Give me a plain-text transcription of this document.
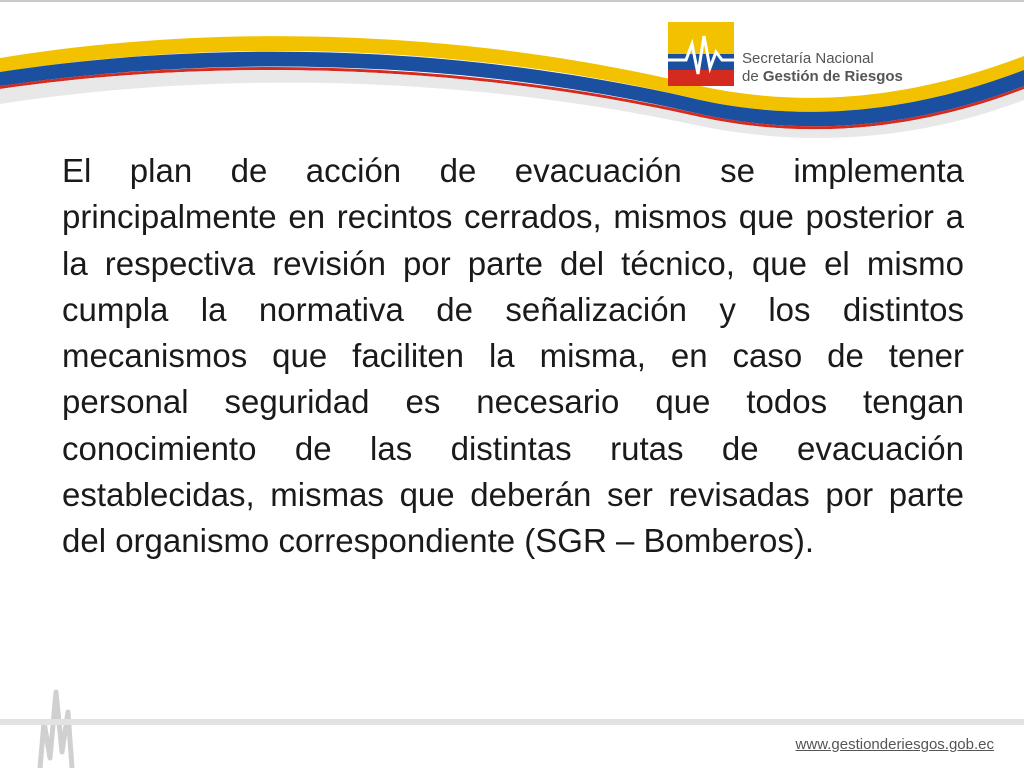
Secretaría Nacional
de Gestión de Riesgos

El plan de acción de evacuación se implementa principalmente en recintos cerrados, mismos que posterior a la respectiva revisión por parte del técnico, que el mismo cumpla la normativa de señalización y los distintos mecanismos que faciliten la misma, en caso de tener personal seguridad es necesario que todos tengan conocimiento de las distintas rutas de evacuación establecidas, mismas que deberán ser revisadas por parte del organismo correspondiente (SGR – Bomberos).

www.gestionderiesgos.gob.ec
